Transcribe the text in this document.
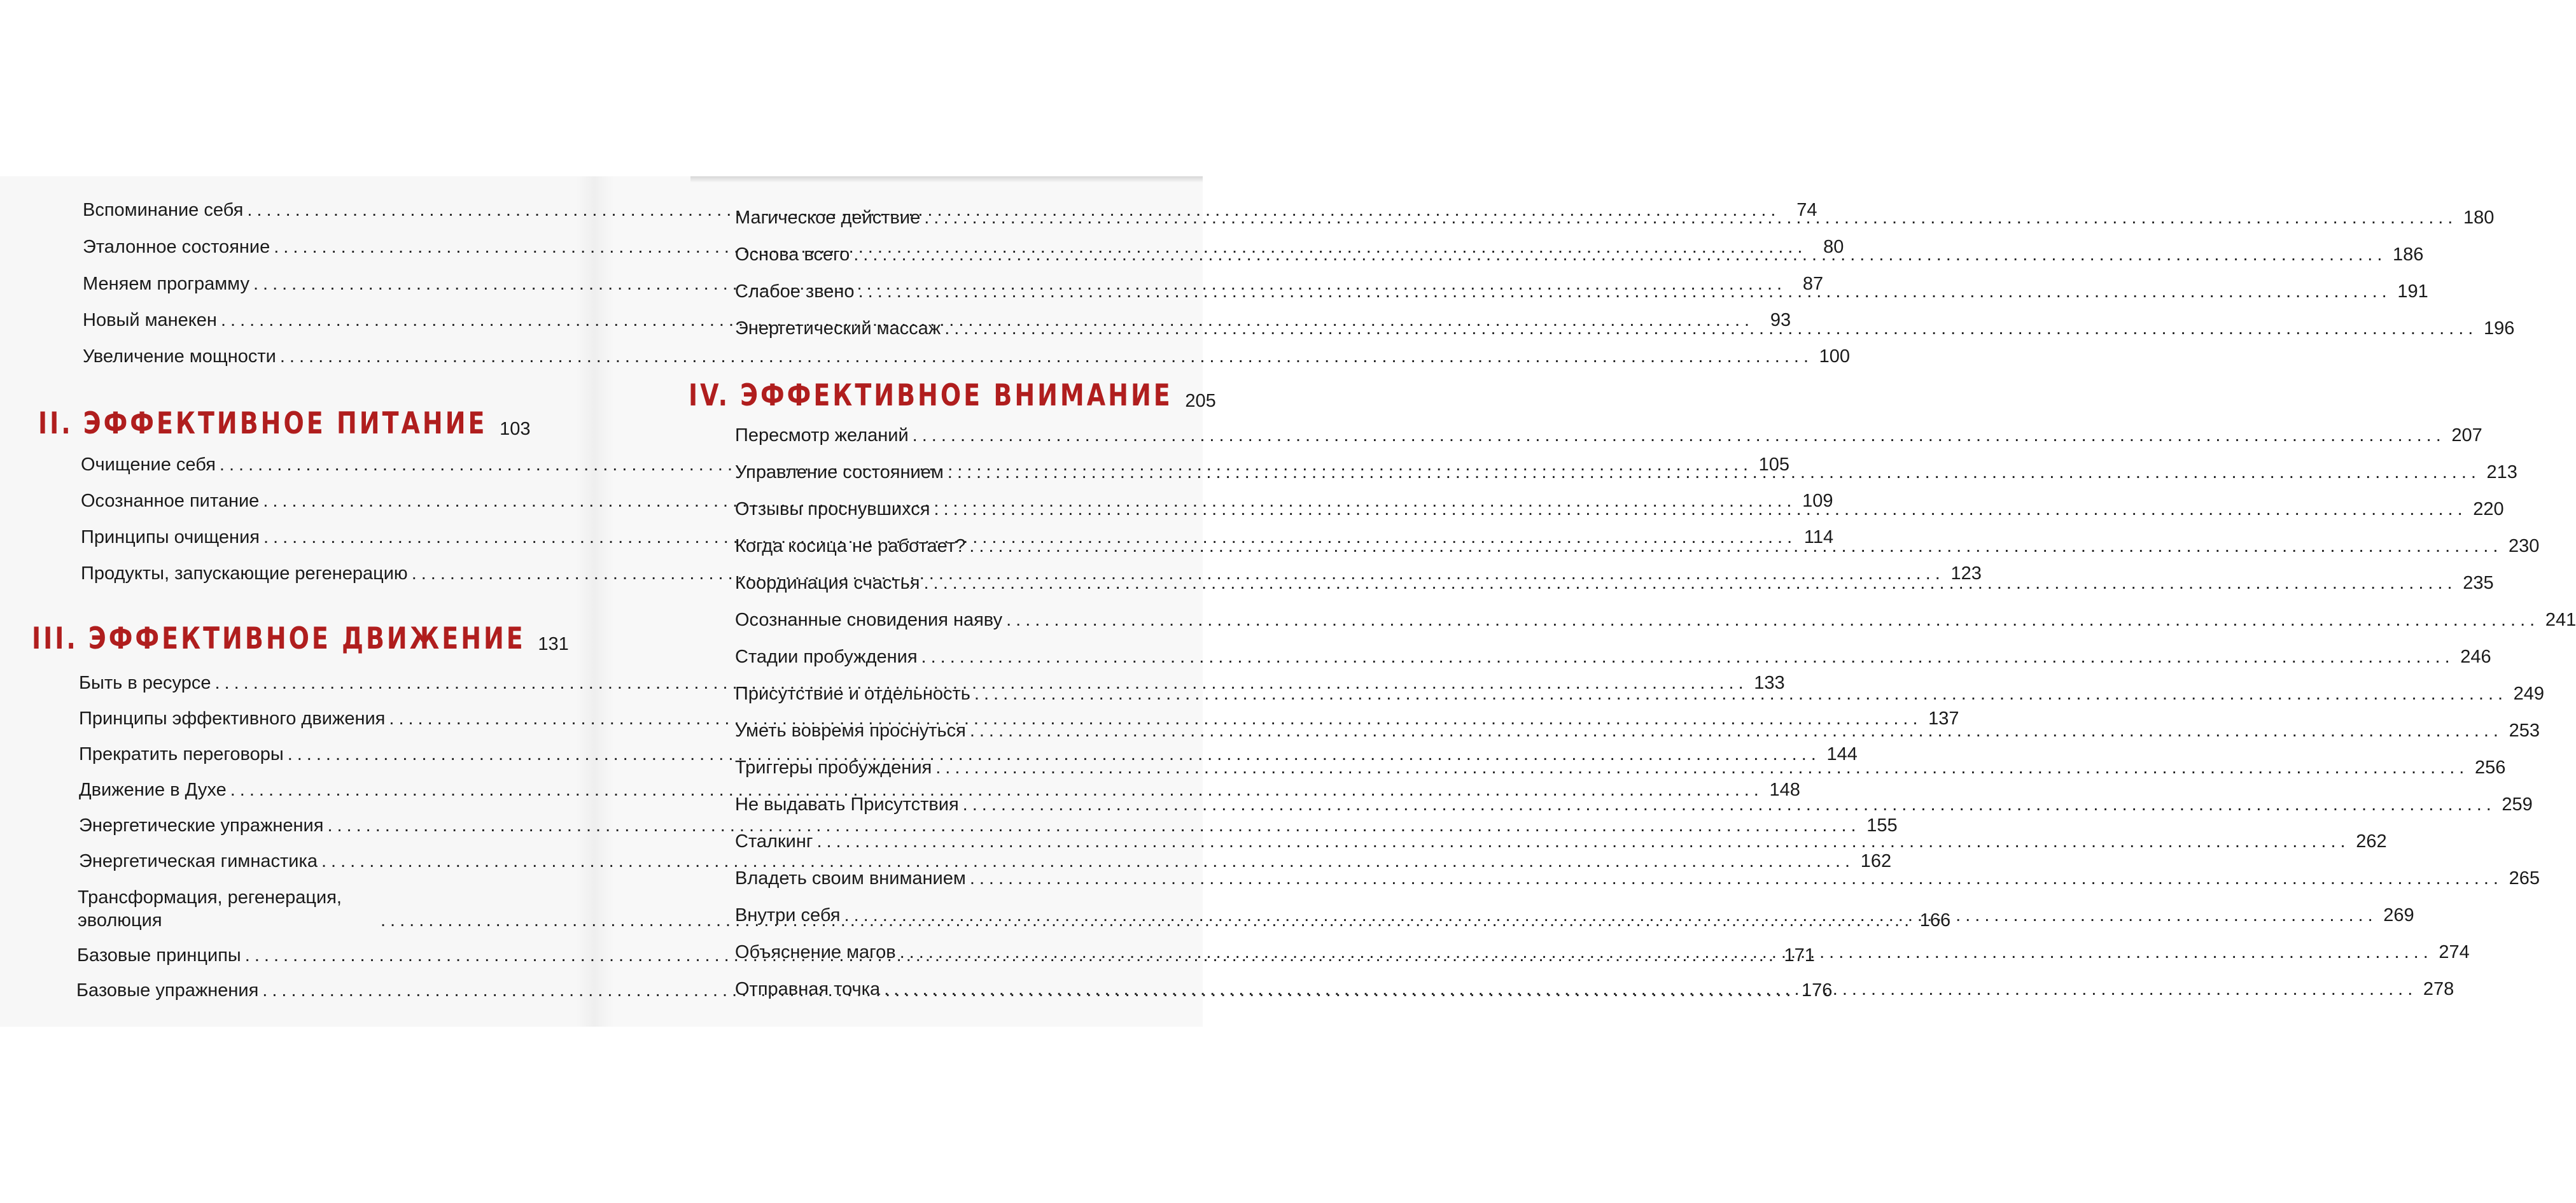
Вспоминание себя .....	74
Эталонное состояние .....	80
Меняем программу .....	87
Новый манекен .....	93
Увеличение мощности .....	100
II. ЭФФЕКТИВНОЕ ПИТАНИЕ 103
Очищение себя .....	105
Осознанное питание .....	109
Принципы очищения .....	114
Продукты, запускающие регенерацию .....	123
III. ЭФФЕКТИВНОЕ ДВИЖЕНИЕ 131
Быть в ресурсе .....	133
Принципы эффективного движения .....	137
Прекратить переговоры .....	144
Движение в Духе .....	148
Энергетические упражнения .....	155
Энергетическая гимнастика .....	162
Трансформация, регенерация, эволюция .....	166
Базовые принципы .....	171
Базовые упражнения .....	176
Магическое действие .....	180
Основа всего .....	186
Слабое звено .....	191
Энергетический массаж .....	196
IV. ЭФФЕКТИВНОЕ ВНИМАНИЕ 205
Пересмотр желаний .....	207
Управление состоянием .....	213
Отзывы проснувшихся .....	220
Когда косица не работает? .....	230
Координация счастья .....	235
Осознанные сновидения наяву .....	241
Стадии пробуждения .....	246
Присутствие и отдельность .....	249
Уметь вовремя проснуться .....	253
Триггеры пробуждения .....	256
Не выдавать Присутствия .....	259
Сталкинг .....	262
Владеть своим вниманием .....	265
Внутри себя .....	269
Объяснение магов .....	274
Отправная точка .....	278
